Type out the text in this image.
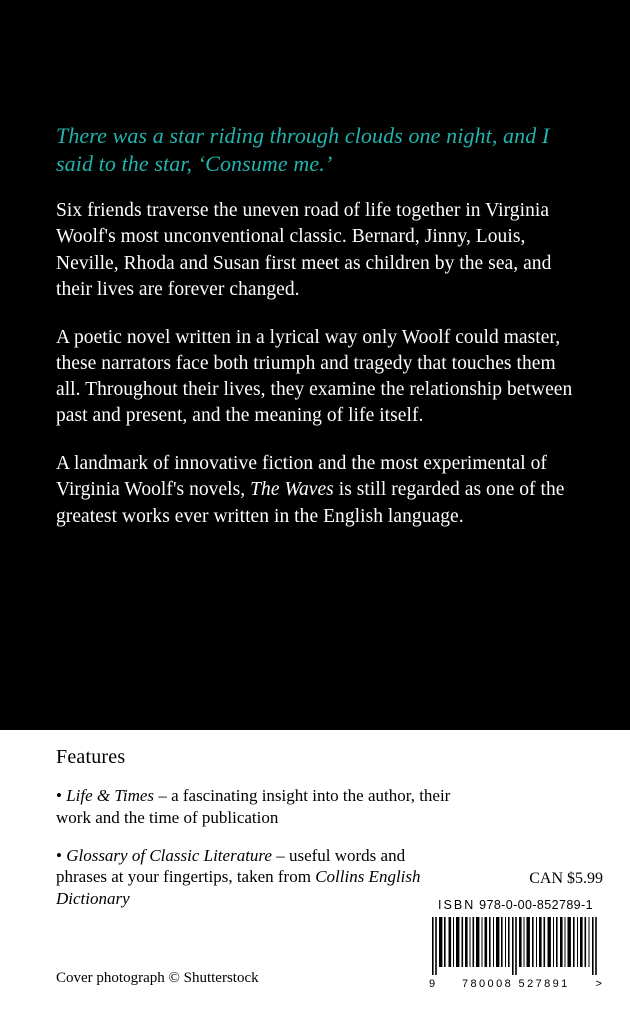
There was a star riding through clouds one night, and I said to the star, ‘Consume me.’

Six friends traverse the uneven road of life together in Virginia Woolf's most unconventional classic. Bernard, Jinny, Louis, Neville, Rhoda and Susan first meet as children by the sea, and their lives are forever changed.

A poetic novel written in a lyrical way only Woolf could master, these narrators face both triumph and tragedy that touches them all. Throughout their lives, they examine the relationship between past and present, and the meaning of life itself.

A landmark of innovative fiction and the most experimental of Virginia Woolf's novels, The Waves is still regarded as one of the greatest works ever written in the English language.

Features

• Life & Times – a fascinating insight into the author, their work and the time of publication

• Glossary of Classic Literature – useful words and phrases at your fingertips, taken from Collins English Dictionary

Cover photograph © Shutterstock
CAN $5.99
ISBN 978-0-00-852789-1
9 780008 527891 >
